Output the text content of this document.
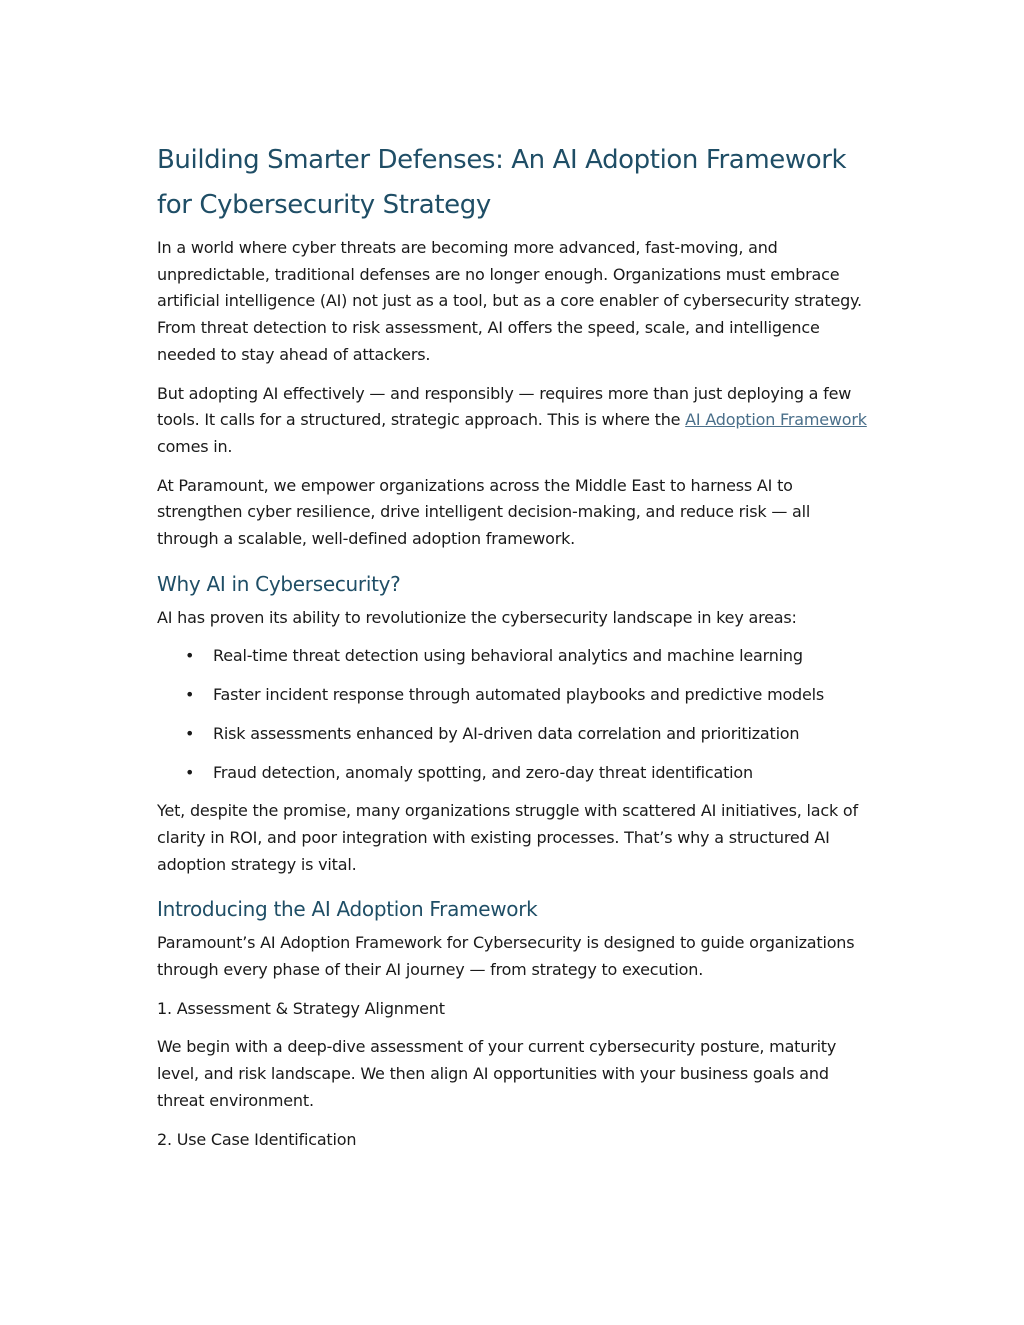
Building Smarter Defenses: An AI Adoption Framework for Cybersecurity Strategy

In a world where cyber threats are becoming more advanced, fast-moving, and unpredictable, traditional defenses are no longer enough. Organizations must embrace artificial intelligence (AI) not just as a tool, but as a core enabler of cybersecurity strategy. From threat detection to risk assessment, AI offers the speed, scale, and intelligence needed to stay ahead of attackers.

But adopting AI effectively — and responsibly — requires more than just deploying a few tools. It calls for a structured, strategic approach. This is where the AI Adoption Framework comes in.

At Paramount, we empower organizations across the Middle East to harness AI to strengthen cyber resilience, drive intelligent decision-making, and reduce risk — all through a scalable, well-defined adoption framework.

Why AI in Cybersecurity?

AI has proven its ability to revolutionize the cybersecurity landscape in key areas:

• Real-time threat detection using behavioral analytics and machine learning
• Faster incident response through automated playbooks and predictive models
• Risk assessments enhanced by AI-driven data correlation and prioritization
• Fraud detection, anomaly spotting, and zero-day threat identification

Yet, despite the promise, many organizations struggle with scattered AI initiatives, lack of clarity in ROI, and poor integration with existing processes. That’s why a structured AI adoption strategy is vital.

Introducing the AI Adoption Framework

Paramount’s AI Adoption Framework for Cybersecurity is designed to guide organizations through every phase of their AI journey — from strategy to execution.

1. Assessment & Strategy Alignment

We begin with a deep-dive assessment of your current cybersecurity posture, maturity level, and risk landscape. We then align AI opportunities with your business goals and threat environment.

2. Use Case Identification
